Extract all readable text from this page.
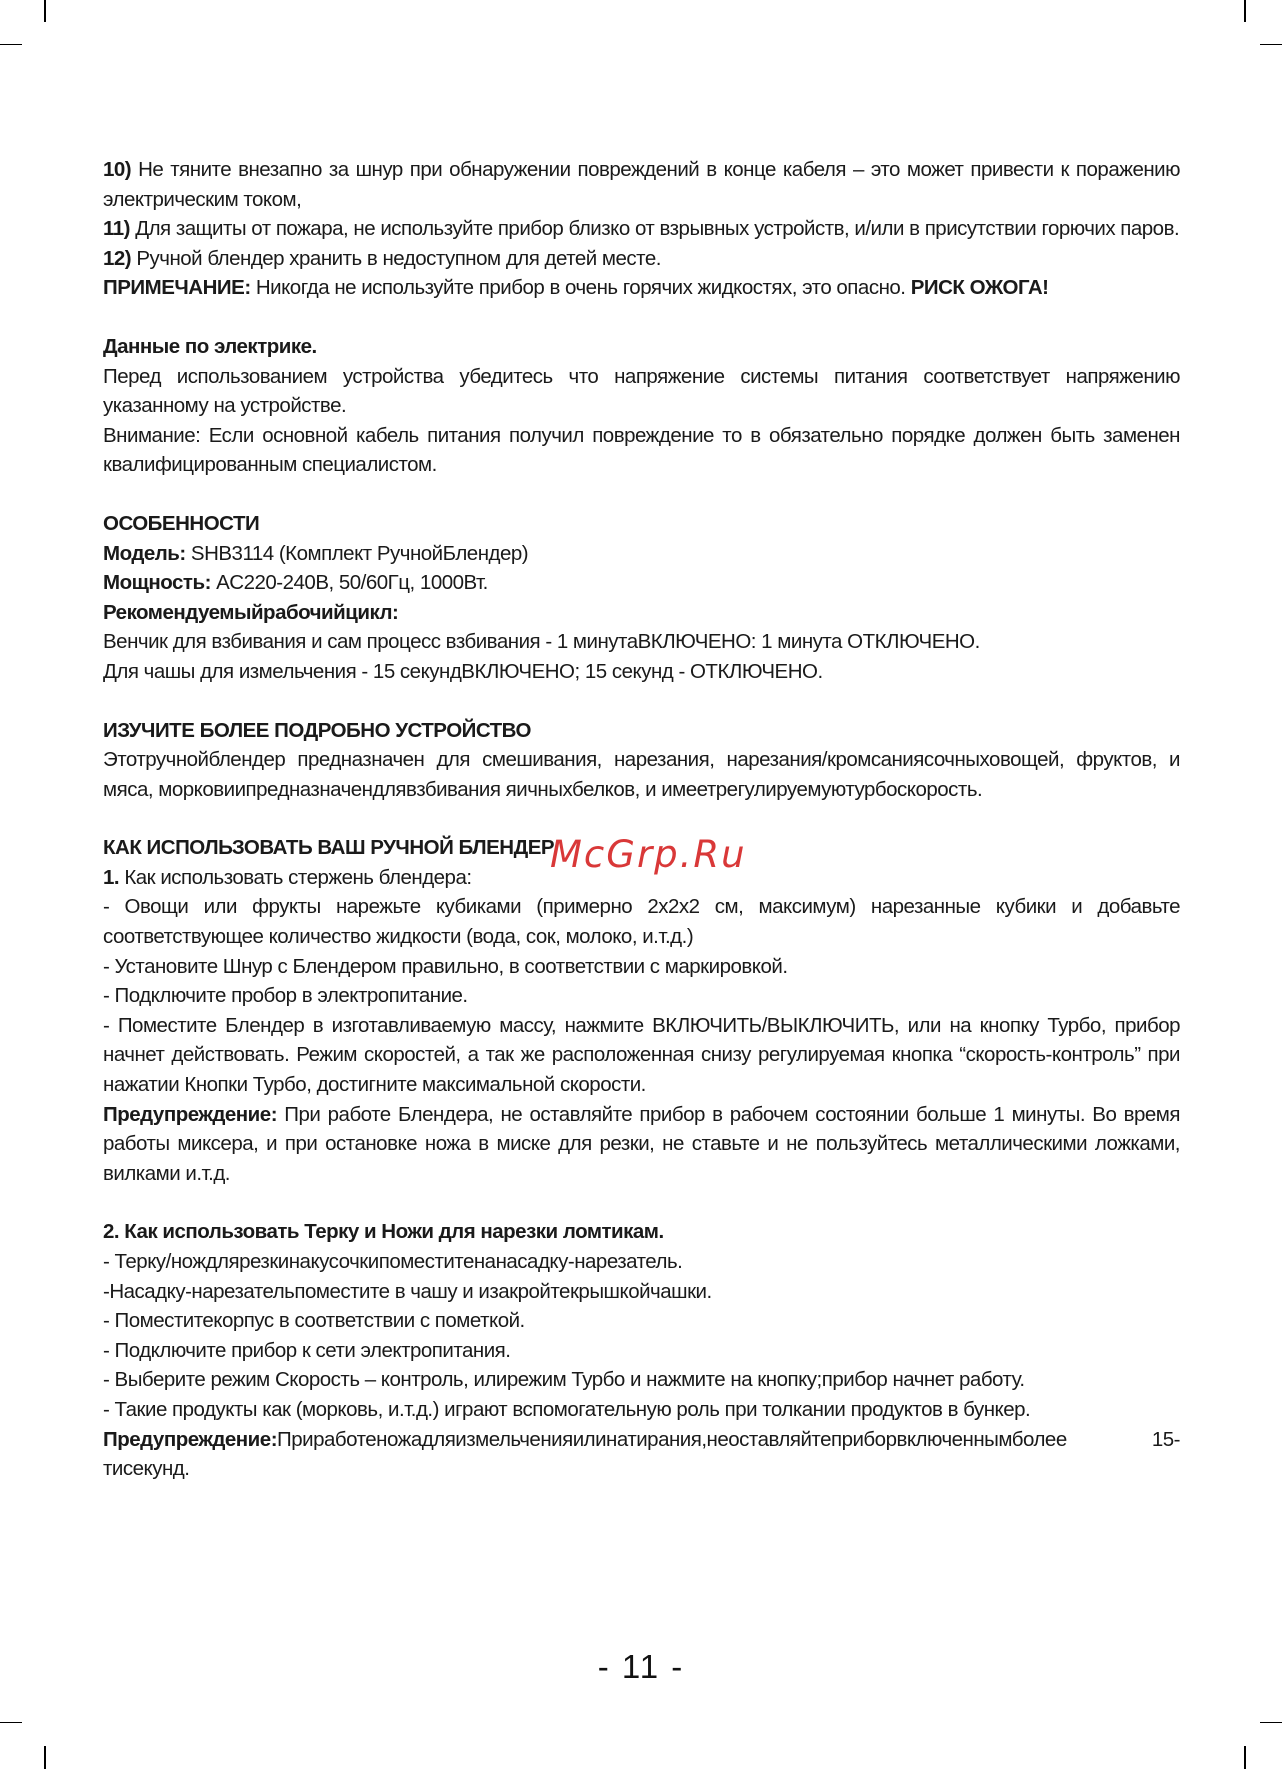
10) Не тяните внезапно за шнур при обнаружении повреждений в конце кабеля – это может привести к поражению электрическим током,

11) Для защиты от пожара, не используйте прибор близко от взрывных устройств, и/или в присутствии горючих паров.

12) Ручной блендер хранить в недоступном для детей месте.

ПРИМЕЧАНИЕ: Никогда не используйте прибор в очень горячих жидкостях, это опасно. РИСК ОЖОГА!

Данные по электрике.

Перед использованием устройства убедитесь что напряжение системы питания соответствует напряжению указанному на устройстве.

Внимание: Если основной кабель питания получил повреждение то в обязательно порядке должен быть заменен квалифицированным специалистом.

ОСОБЕННОСТИ

Модель: SHB3114 (Комплект РучнойБлендер)

Мощность: AC220-240B, 50/60Гц, 1000Вт.

Рекомендуемыйрабочийцикл:

Венчик для взбивания и сам процесс взбивания - 1 минутаВКЛЮЧЕНО: 1 минута ОТКЛЮЧЕНО.

Для чашы для измельчения - 15 секундВКЛЮЧЕНО; 15 секунд - ОТКЛЮЧЕНО.

ИЗУЧИТЕ БОЛЕЕ ПОДРОБНО УСТРОЙСТВО

Этотручнойблендер предназначен для смешивания, нарезания, нарезания/кромсаниясочныховощей, фруктов, и мяса, морковиипредназначендлявзбивания яичныхбелков, и имеетрегулируемуютурбоскорость.

КАК ИСПОЛЬЗОВАТЬ ВАШ РУЧНОЙ БЛЕНДЕР

1. Как использовать стержень блендера:

- Овощи или фрукты нарежьте кубиками (примерно 2x2x2 см, максимум) нарезанные кубики и добавьте соответствующее количество жидкости (вода, сок, молоко, и.т.д.)

- Установите Шнур с Блендером правильно, в соответствии с маркировкой.

- Подключите пробор в электропитание.

- Поместите Блендер в изготавливаемую массу, нажмите ВКЛЮЧИТЬ/ВЫКЛЮЧИТЬ, или на кнопку Турбо, прибор начнет действовать. Режим скоростей, а так же расположенная снизу регулируемая кнопка “скорость-контроль” при нажатии Кнопки Турбо, достигните максимальной скорости.

Предупреждение: При работе Блендера, не оставляйте прибор в рабочем состоянии больше 1 минуты. Во время работы миксера, и при остановке ножа в миске для резки, не ставьте и не пользуйтесь металлическими ложками, вилками и.т.д.

2. Как использовать Терку и Ножи для нарезки ломтикам.

- Терку/нождлярезкинакусочкипоместитенанасадку-нарезатель.

-Насадку-нарезательпоместите в чашу и изакройтекрышкойчашки.

- Поместитекорпус в соответствии с пометкой.

- Подключите прибор к сети электропитания.

- Выберите режим Скорость – контроль, илирежим Турбо и нажмите на кнопку;прибор начнет работу.

- Такие продукты как (морковь, и.т.д.) играют вспомогательную роль при толкании продуктов в бункер.

Предупреждение:Приработеножадляизмельченияилинатирания,неоставляйтеприборвключеннымболее 15-тисекунд.

McGrp.Ru
- 11 -
